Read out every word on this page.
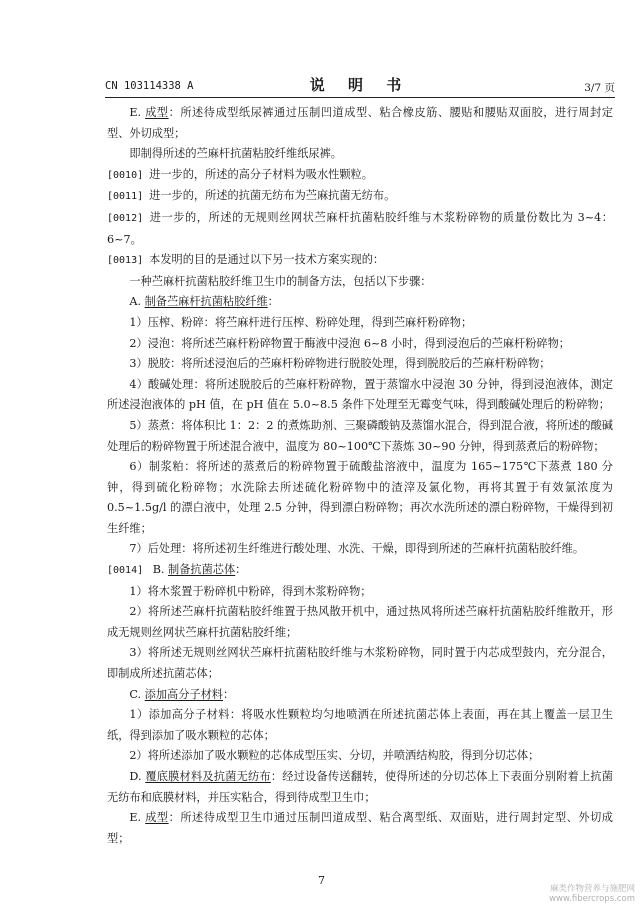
CN 103114338 A	说 明 书	3/7 页

E. 成型：所述待成型纸尿裤通过压制凹道成型、粘合橡皮筋、腰贴和腰贴双面胶，进行周封定型、外切成型；

即制得所述的苎麻杆抗菌粘胶纤维纸尿裤。

[0010] 进一步的，所述的高分子材料为吸水性颗粒。

[0011] 进一步的，所述的抗菌无纺布为苎麻抗菌无纺布。

[0012] 进一步的，所述的无规则丝网状苎麻杆抗菌粘胶纤维与木浆粉碎物的质量份数比为 3~4：6~7。

[0013] 本发明的目的是通过以下另一技术方案实现的：

一种苎麻杆抗菌粘胶纤维卫生巾的制备方法，包括以下步骤：

A. 制备苎麻杆抗菌粘胶纤维：

1）压榨、粉碎：将苎麻杆进行压榨、粉碎处理，得到苎麻杆粉碎物；

2）浸泡：将所述苎麻杆粉碎物置于酶液中浸泡 6~8 小时，得到浸泡后的苎麻杆粉碎物；

3）脱胶：将所述浸泡后的苎麻杆粉碎物进行脱胶处理，得到脱胶后的苎麻杆粉碎物；

4）酸碱处理：将所述脱胶后的苎麻杆粉碎物，置于蒸馏水中浸泡 30 分钟，得到浸泡液体，测定所述浸泡液体的 pH 值，在 pH 值在 5.0~8.5 条件下处理至无霉变气味，得到酸碱处理后的粉碎物；

5）蒸煮：将体积比 1：2：2 的煮炼助剂、三聚磷酸钠及蒸馏水混合，得到混合液，将所述的酸碱处理后的粉碎物置于所述混合液中，温度为 80~100℃下蒸炼 30~90 分钟，得到蒸煮后的粉碎物；

6）制浆粕：将所述的蒸煮后的粉碎物置于硫酸盐溶液中，温度为 165~175℃下蒸煮 180 分钟，得到硫化粉碎物；水洗除去所述硫化粉碎物中的渣滓及氯化物，再将其置于有效氯浓度为 0.5~1.5g/l 的漂白液中，处理 2.5 分钟，得到漂白粉碎物；再次水洗所述的漂白粉碎物，干燥得到初生纤维；

7）后处理：将所述初生纤维进行酸处理、水洗、干燥，即得到所述的苎麻杆抗菌粘胶纤维。

[0014] B. 制备抗菌芯体：

1）将木浆置于粉碎机中粉碎，得到木浆粉碎物；

2）将所述苎麻杆抗菌粘胶纤维置于热风散开机中，通过热风将所述苎麻杆抗菌粘胶纤维散开，形成无规则丝网状苎麻杆抗菌粘胶纤维；

3）将所述无规则丝网状苎麻杆抗菌粘胶纤维与木浆粉碎物，同时置于内芯成型鼓内，充分混合，即制成所述抗菌芯体；

C. 添加高分子材料：

1）添加高分子材料：将吸水性颗粒均匀地喷洒在所述抗菌芯体上表面，再在其上覆盖一层卫生纸，得到添加了吸水颗粒的芯体；

2）将所述添加了吸水颗粒的芯体成型压实、分切，并喷洒结构胶，得到分切芯体；

D. 覆底膜材料及抗菌无纺布：经过设备传送翻转，使得所述的分切芯体上下表面分别附着上抗菌无纺布和底膜材料，并压实粘合，得到待成型卫生巾；

E. 成型：所述待成型卫生巾通过压制凹道成型、粘合离型纸、双面贴，进行周封定型、外切成型；

7
麻类作物营养与施肥网
www.fibercrops.com
